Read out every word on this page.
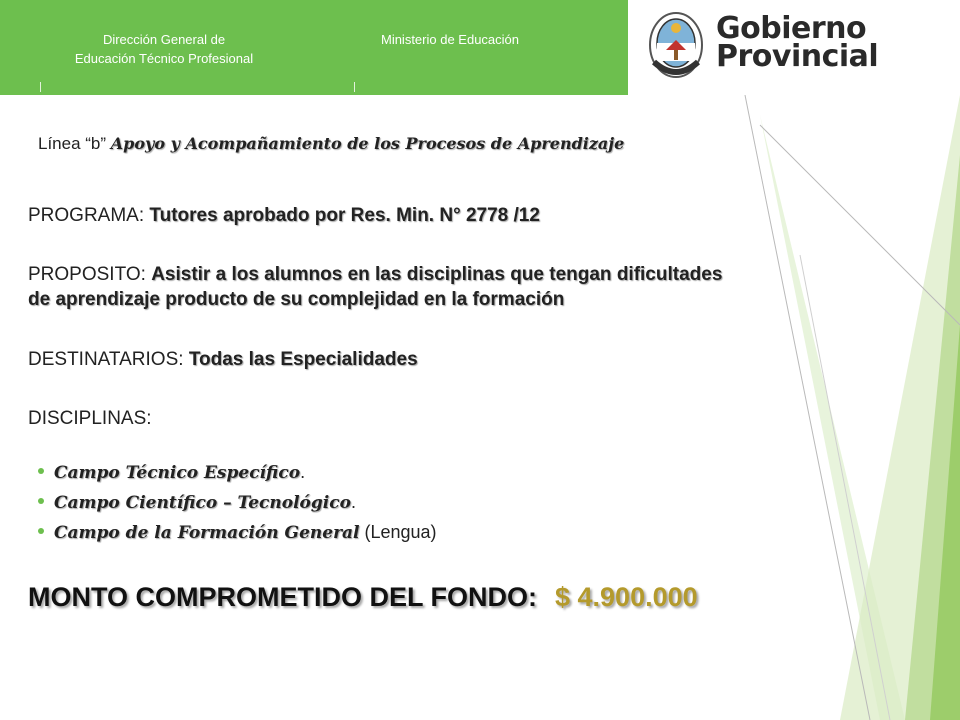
Dirección General de
Educación Técnico Profesional
Ministerio de Educación	Gobierno
Provincial
Línea “b” Apoyo y Acompañamiento de los Procesos de Aprendizaje
PROGRAMA: Tutores aprobado por Res. Min. N° 2778 /12
PROPOSITO: Asistir a los alumnos en las disciplinas que tengan dificultades
de aprendizaje producto de su complejidad en la formación
DESTINATARIOS: Todas las Especialidades
DISCIPLINAS:
Campo Técnico Específico.
Campo Científico – Tecnológico.
Campo de la Formación General (Lengua)
MONTO COMPROMETIDO DEL FONDO: $ 4.900.000
